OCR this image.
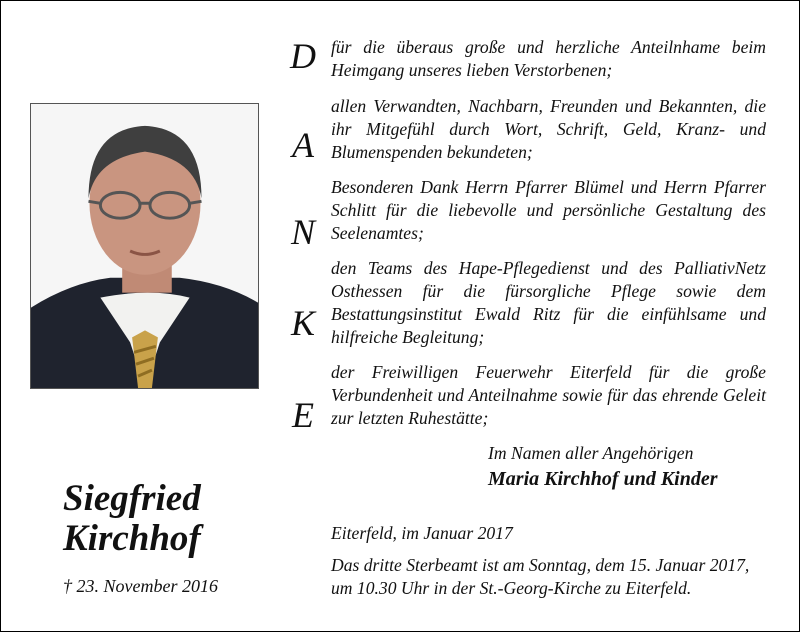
Siegfried
Kirchhof
† 23. November 2016
D
A
N
K
E

für die überaus große und herzliche Anteilnhame beim Heimgang unseres lieben Verstorbenen;

allen Verwandten, Nachbarn, Freunden und Bekannten, die ihr Mitgefühl durch Wort, Schrift, Geld, Kranz- und Blumenspenden bekundeten;

Besonderen Dank Herrn Pfarrer Blümel und Herrn Pfarrer Schlitt für die liebevolle und persönliche Gestaltung des Seelenamtes;

den Teams des Hape-Pflegedienst und des PalliativNetz Osthessen für die fürsorgliche Pflege sowie dem Bestattungsinstitut Ewald Ritz für die einfühlsame und hilfreiche Begleitung;

der Freiwilligen Feuerwehr Eiterfeld für die große Verbundenheit und Anteilnahme sowie für das ehrende Geleit zur letzten Ruhestätte;

Im Namen aller Angehörigen
Maria Kirchhof und Kinder
Eiterfeld, im Januar 2017
Das dritte Sterbeamt ist am Sonntag, dem 15. Januar 2017,
um 10.30 Uhr in der St.-Georg-Kirche zu Eiterfeld.
